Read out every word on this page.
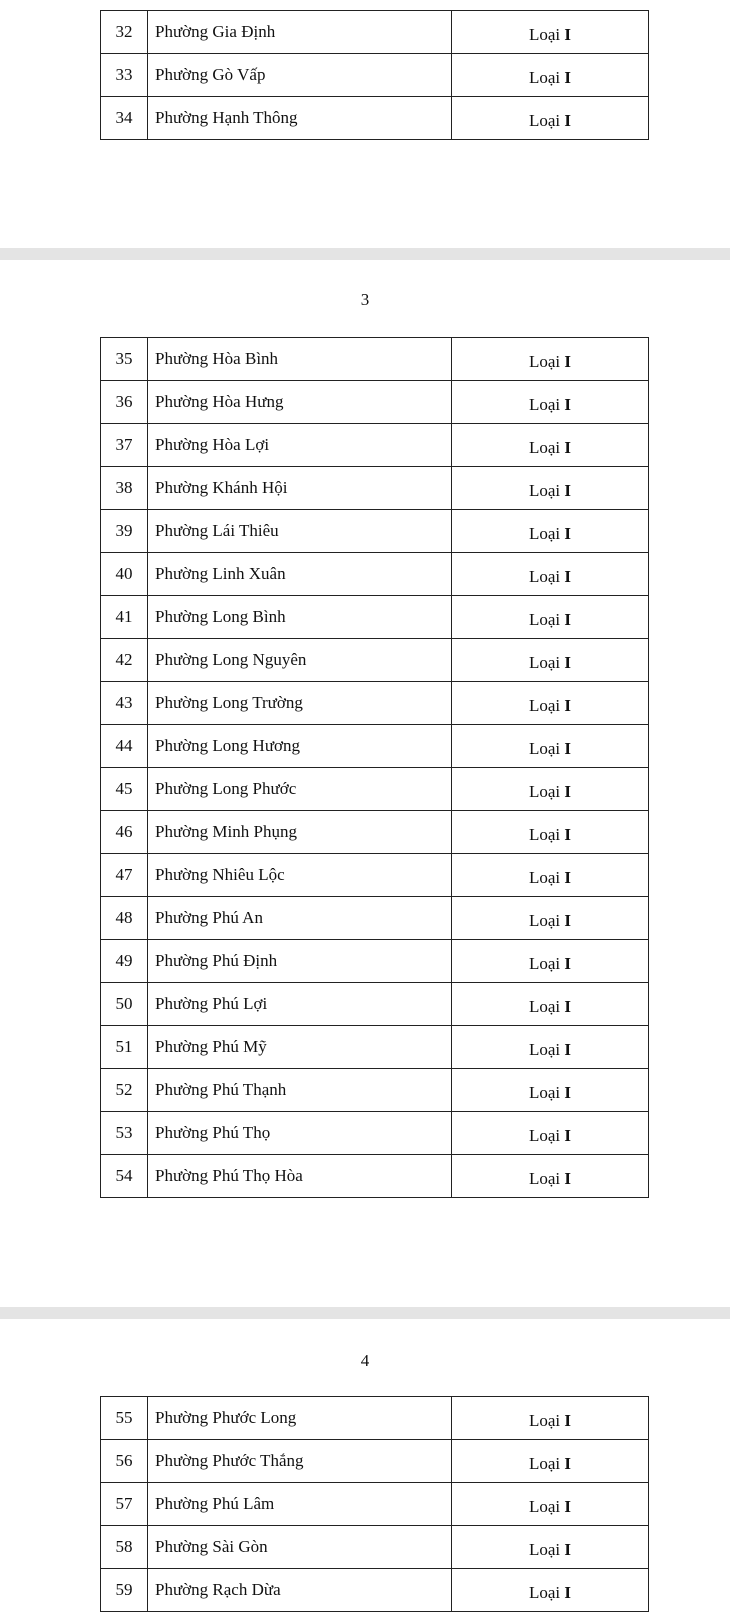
32	Phường Gia Định	Loại I
33	Phường Gò Vấp	Loại I
34	Phường Hạnh Thông	Loại I
3
35	Phường Hòa Bình	Loại I
36	Phường Hòa Hưng	Loại I
37	Phường Hòa Lợi	Loại I
38	Phường Khánh Hội	Loại I
39	Phường Lái Thiêu	Loại I
40	Phường Linh Xuân	Loại I
41	Phường Long Bình	Loại I
42	Phường Long Nguyên	Loại I
43	Phường Long Trường	Loại I
44	Phường Long Hương	Loại I
45	Phường Long Phước	Loại I
46	Phường Minh Phụng	Loại I
47	Phường Nhiêu Lộc	Loại I
48	Phường Phú An	Loại I
49	Phường Phú Định	Loại I
50	Phường Phú Lợi	Loại I
51	Phường Phú Mỹ	Loại I
52	Phường Phú Thạnh	Loại I
53	Phường Phú Thọ	Loại I
54	Phường Phú Thọ Hòa	Loại I
4
55	Phường Phước Long	Loại I
56	Phường Phước Thắng	Loại I
57	Phường Phú Lâm	Loại I
58	Phường Sài Gòn	Loại I
59	Phường Rạch Dừa	Loại I
